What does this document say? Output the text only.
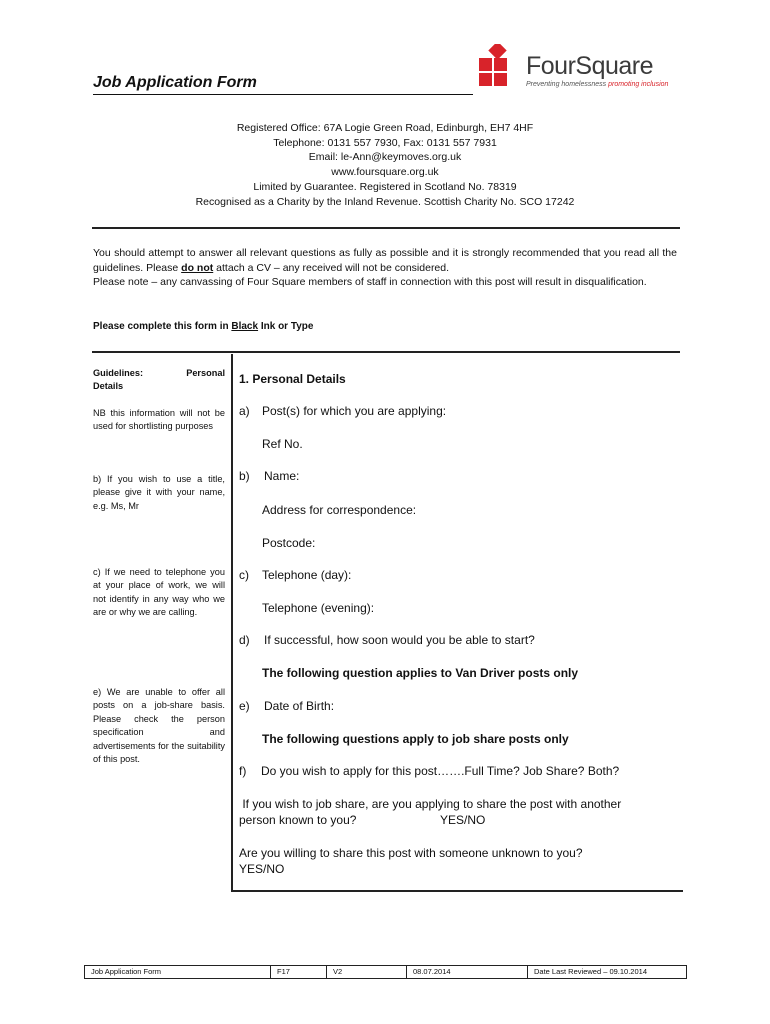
Job Application Form
FourSquare
Preventing homelessness promoting inclusion
Registered Office: 67A Logie Green Road, Edinburgh, EH7 4HF
Telephone: 0131 557 7930, Fax: 0131 557 7931
Email: le-Ann@keymoves.org.uk
www.foursquare.org.uk
Limited by Guarantee. Registered in Scotland No. 78319
Recognised as a Charity by the Inland Revenue. Scottish Charity No. SCO 17242

You should attempt to answer all relevant questions as fully as possible and it is strongly recommended that you read all the guidelines. Please do not attach a CV – any received will not be considered.

Please note – any canvassing of Four Square members of staff in connection with this post will result in disqualification.

Please complete this form in Black Ink or Type
Guidelines:	Personal
Details
NB this information will not be used for shortlisting purposes
b) If you wish to use a title, please give it with your name, e.g. Ms, Mr
c) If we need to telephone you at your place of work, we will not identify in any way who we are or why we are calling.
e) We are unable to offer all posts on a job-share basis. Please check the person specification and advertisements for the suitability of this post.
1. Personal Details
a) Post(s) for which you are applying:
Ref No.
b) Name:
Address for correspondence:
Postcode:
c) Telephone (day):
Telephone (evening):
d) If successful, how soon would you be able to start?
The following question applies to Van Driver posts only
e) Date of Birth:
The following questions apply to job share posts only
f) Do you wish to apply for this post…….Full Time? Job Share? Both?
If you wish to job share, are you applying to share the post with another
person known to you?	YES/NO
Are you willing to share this post with someone unknown to you?
YES/NO
Job Application Form	F17	V2	08.07.2014	Date Last Reviewed – 09.10.2014
